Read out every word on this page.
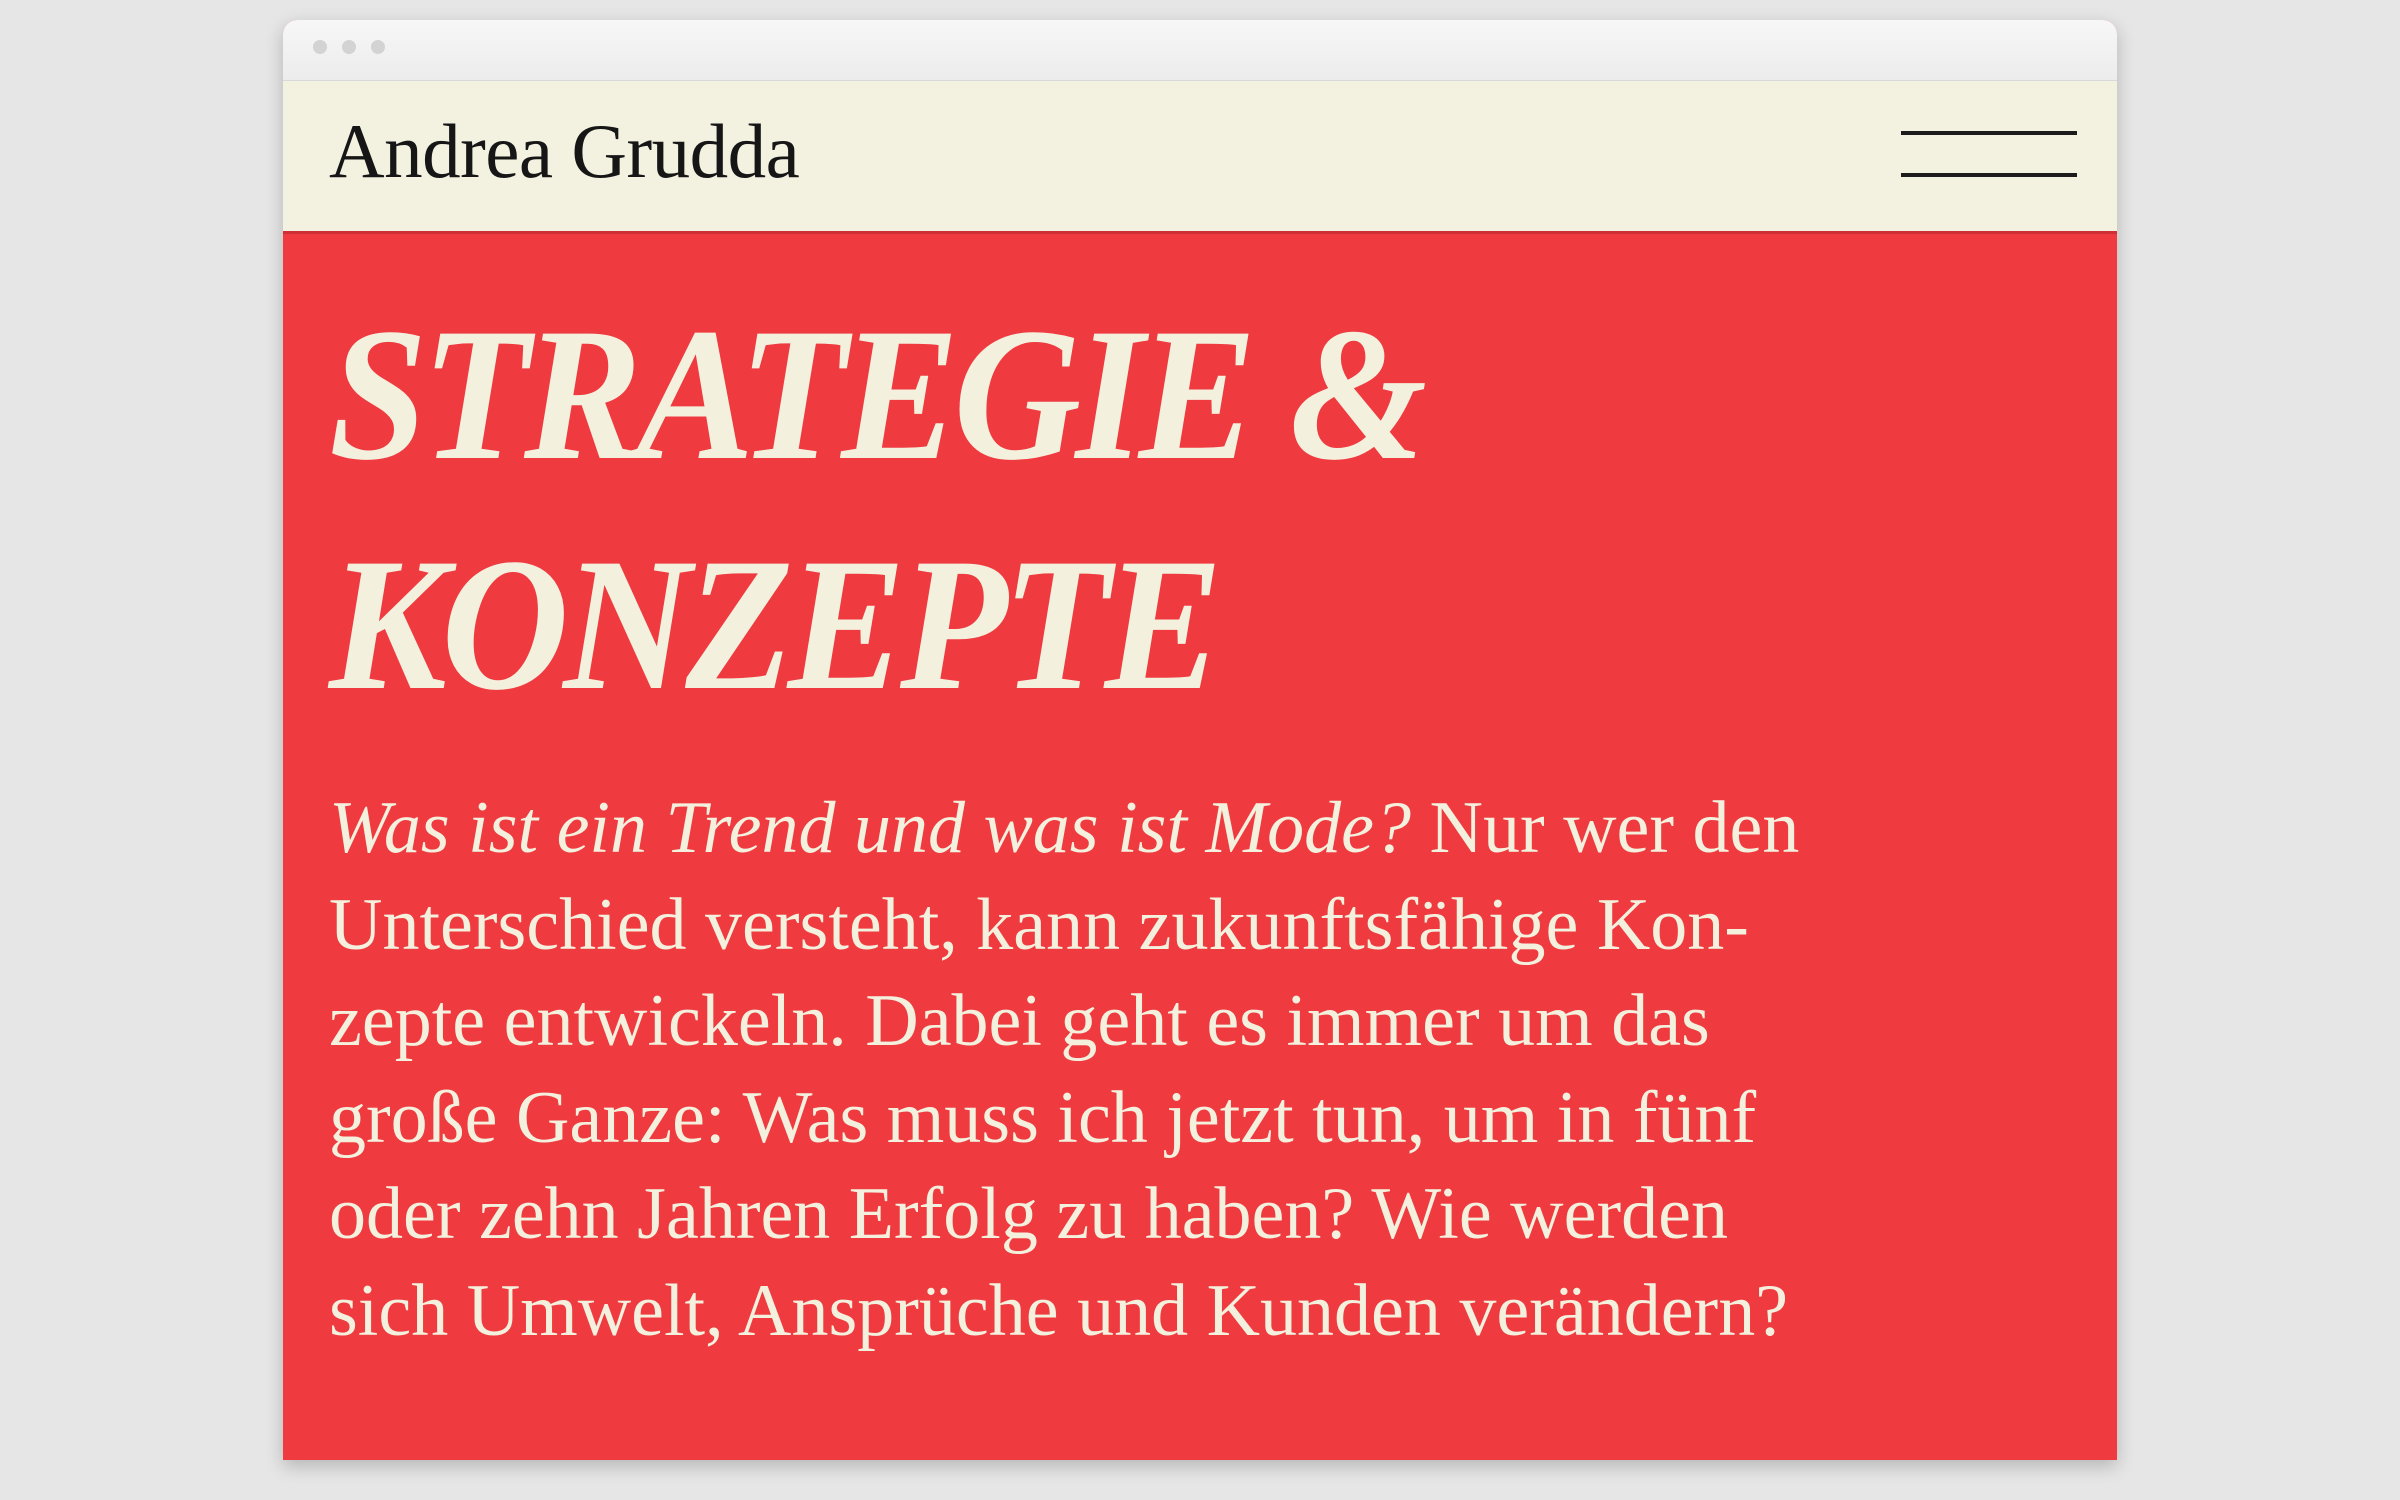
Andrea Grudda
STRATEGIE &
KONZEPTE

Was ist ein Trend und was ist Mode? Nur wer den
Unterschied versteht, kann zukunftsfähige Kon-
zepte entwickeln. Dabei geht es immer um das
große Ganze: Was muss ich jetzt tun, um in fünf
oder zehn Jahren Erfolg zu haben? Wie werden
sich Umwelt, Ansprüche und Kunden verändern?
